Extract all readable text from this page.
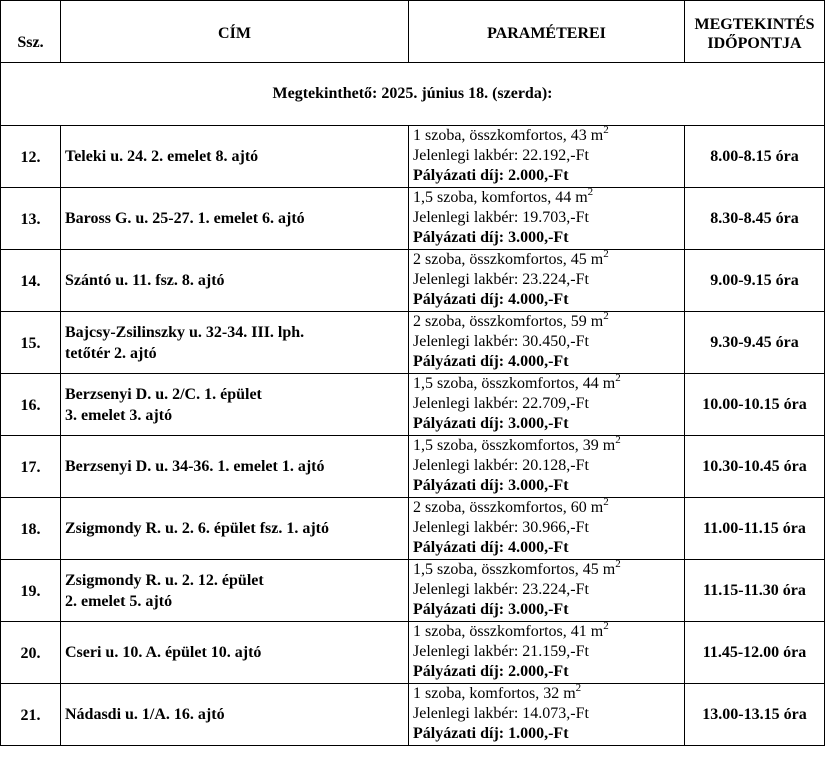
Ssz.	CÍM	PARAMÉTEREI	MEGTEKINTÉS
IDŐPONTJA
Megtekinthető: 2025. június 18. (szerda):			
12.	Teleki u. 24. 2. emelet 8. ajtó	1 szoba, összkomfortos, 43 $m^2$
Jelenlegi lakbér: 22.192,-Ft
Pályázati díj: 2.000,-Ft	8.00-8.15 óra
13.	Baross G. u. 25-27. 1. emelet 6. ajtó	1,5 szoba, komfortos, 44 $m^2$
Jelenlegi lakbér: 19.703,-Ft
Pályázati díj: 3.000,-Ft	8.30-8.45 óra
14.	Szántó u. 11. fsz. 8. ajtó	2 szoba, összkomfortos, 45 $m^2$
Jelenlegi lakbér: 23.224,-Ft
Pályázati díj: 4.000,-Ft	9.00-9.15 óra
15.	Bajcsy-Zsilinszky u. 32-34. III. lph.
tetőtér 2. ajtó	2 szoba, összkomfortos, 59 $m^2$
Jelenlegi lakbér: 30.450,-Ft
Pályázati díj: 4.000,-Ft	9.30-9.45 óra
16.	Berzsenyi D. u. 2/C. 1. épület
3. emelet 3. ajtó	1,5 szoba, összkomfortos, 44 $m^2$
Jelenlegi lakbér: 22.709,-Ft
Pályázati díj: 3.000,-Ft	10.00-10.15 óra
17.	Berzsenyi D. u. 34-36. 1. emelet 1. ajtó	1,5 szoba, összkomfortos, 39 $m^2$
Jelenlegi lakbér: 20.128,-Ft
Pályázati díj: 3.000,-Ft	10.30-10.45 óra
18.	Zsigmondy R. u. 2. 6. épület fsz. 1. ajtó	2 szoba, összkomfortos, 60 $m^2$
Jelenlegi lakbér: 30.966,-Ft
Pályázati díj: 4.000,-Ft	11.00-11.15 óra
19.	Zsigmondy R. u. 2. 12. épület
2. emelet 5. ajtó	1,5 szoba, összkomfortos, 45 $m^2$
Jelenlegi lakbér: 23.224,-Ft
Pályázati díj: 3.000,-Ft	11.15-11.30 óra
20.	Cseri u. 10. A. épület 10. ajtó	1 szoba, összkomfortos, 41 $m^2$
Jelenlegi lakbér: 21.159,-Ft
Pályázati díj: 2.000,-Ft	11.45-12.00 óra
21.	Nádasdi u. 1/A. 16. ajtó	1 szoba, komfortos, 32 $m^2$
Jelenlegi lakbér: 14.073,-Ft
Pályázati díj: 1.000,-Ft	13.00-13.15 óra
